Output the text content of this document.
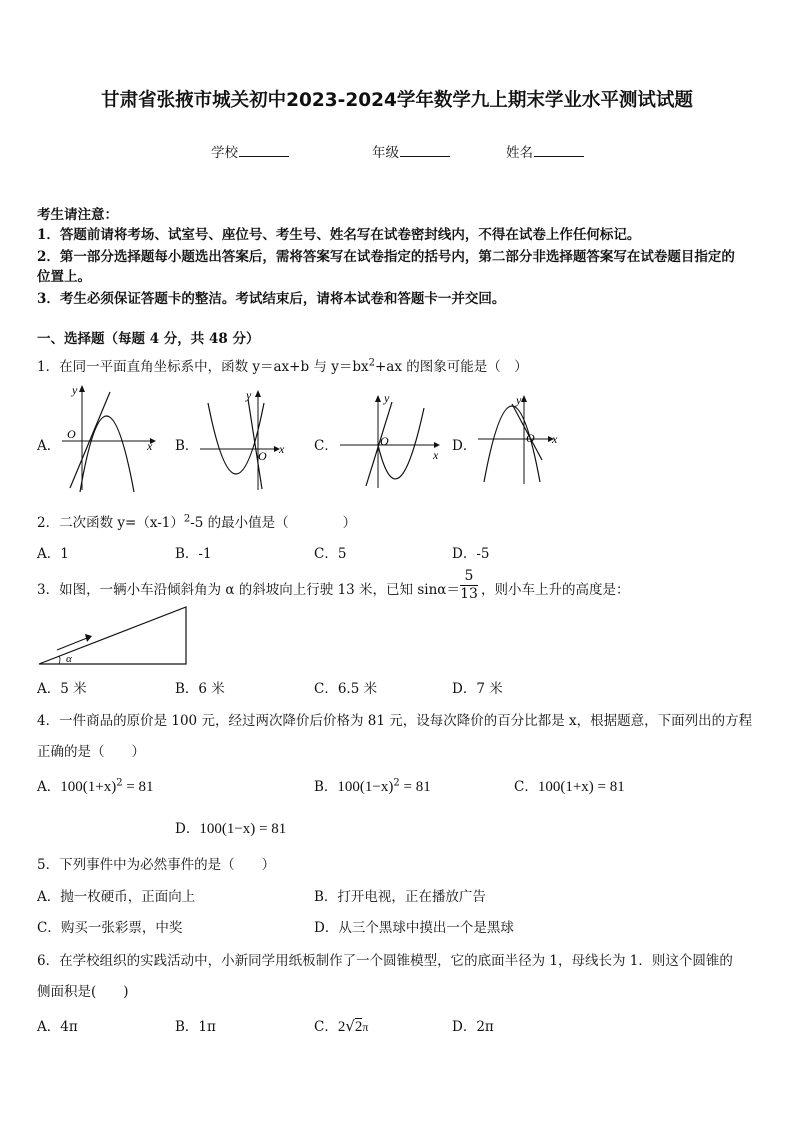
甘肃省张掖市城关初中2023-2024学年数学九上期末学业水平测试试题
学校	年级	姓名
考生请注意：
1．答题前请将考场、试室号、座位号、考生号、姓名写在试卷密封线内，不得在试卷上作任何标记。
2．第一部分选择题每小题选出答案后，需将答案写在试卷指定的括号内，第二部分非选择题答案写在试卷题目指定的
位置上。
3．考生必须保证答题卡的整洁。考试结束后，请将本试卷和答题卡一并交回。
一、选择题（每题 4 分，共 48 分）
1．在同一平面直角坐标系中，函数 y＝ax+b 与 $y=bx^2+ax$ 的图象可能是（　）
A．	B．	C．	D．
x
y
O
x
y
O	x
y
O	x
y
O
2．二次函数 $y=(x-1)^2-5$ 的最小值是（　　　　）
A．1	B．-1	C．5	D．-5
3．如图，一辆小车沿倾斜角为 α 的斜坡向上行驶 13 米，已知 $\sin\alpha= \frac{5}{13}$ ，则小车上升的高度是：
α
A．5 米	B．6 米	C．6.5 米	D．7 米
4．一件商品的原价是 100 元，经过两次降价后价格为 81 元，设每次降价的百分比都是 x，根据题意，下面列出的方程
正确的是（　　）
A．$100(1+x)^2 = 81$	B．$100(1-x)^2 = 81$	C．100(1+x) = 81
D．100(1−x) = 81
5．下列事件中为必然事件的是（　　）
A．抛一枚硬币，正面向上	B．打开电视，正在播放广告
C．购买一张彩票，中奖	D．从三个黑球中摸出一个是黑球
6．在学校组织的实践活动中，小新同学用纸板制作了一个圆锥模型，它的底面半径为 1，母线长为 1．则这个圆锥的
侧面积是(　　)
A．4π	B．1π	C．2√2π	D．2π
